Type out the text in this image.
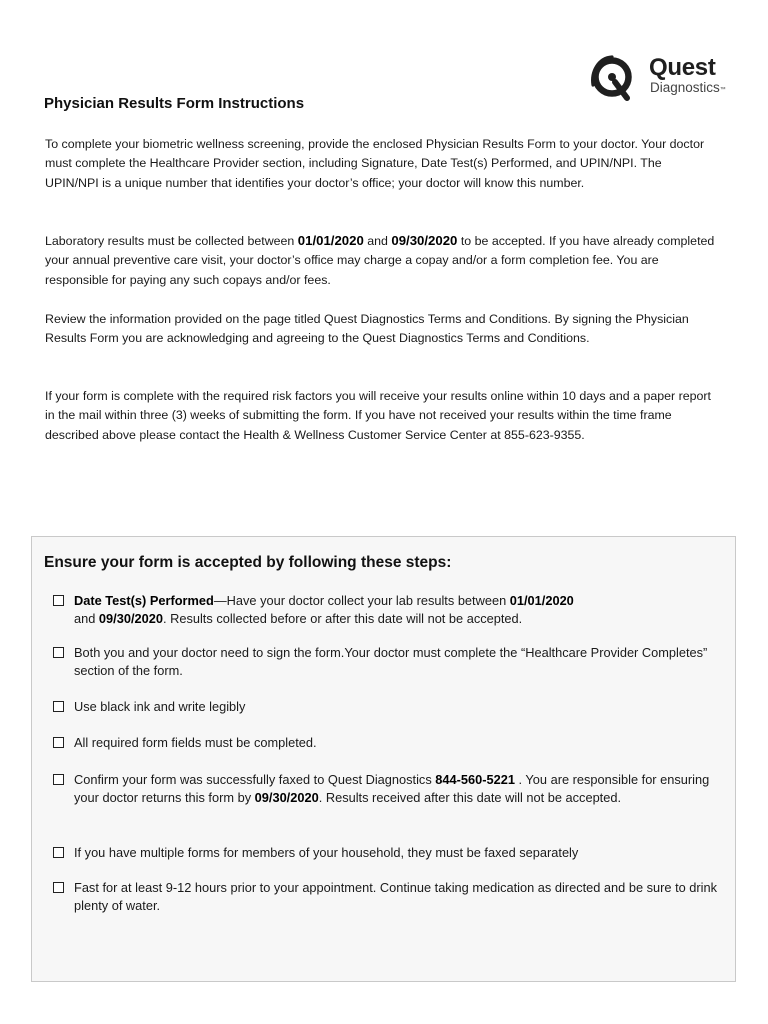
Quest
Diagnostics™
Physician Results Form Instructions
To complete your biometric wellness screening, provide the enclosed Physician Results Form to your doctor. Your doctor must complete the Healthcare Provider section, including Signature, Date Test(s) Performed, and UPIN/NPI. The UPIN/NPI is a unique number that identifies your doctor’s office; your doctor will know this number.
Laboratory results must be collected between 01/01/2020 and 09/30/2020 to be accepted. If you have already completed your annual preventive care visit, your doctor’s office may charge a copay and/or a form completion fee. You are responsible for paying any such copays and/or fees.
Review the information provided on the page titled Quest Diagnostics Terms and Conditions. By signing the Physician Results Form you are acknowledging and agreeing to the Quest Diagnostics Terms and Conditions.
If your form is complete with the required risk factors you will receive your results online within 10 days and a paper report in the mail within three (3) weeks of submitting the form. If you have not received your results within the time frame described above please contact the Health & Wellness Customer Service Center at 855-623-9355.
Ensure your form is accepted by following these steps:
Date Test(s) Performed—Have your doctor collect your lab results between 01/01/2020
and 09/30/2020. Results collected before or after this date will not be accepted.
Both you and your doctor need to sign the form.Your doctor must complete the “Healthcare Provider Completes” section of the form.
Use black ink and write legibly
All required form fields must be completed.
Confirm your form was successfully faxed to Quest Diagnostics 844-560-5221 . You are responsible for ensuring your doctor returns this form by 09/30/2020. Results received after this date will not be accepted.
If you have multiple forms for members of your household, they must be faxed separately
Fast for at least 9-12 hours prior to your appointment. Continue taking medication as directed and be sure to drink plenty of water.
